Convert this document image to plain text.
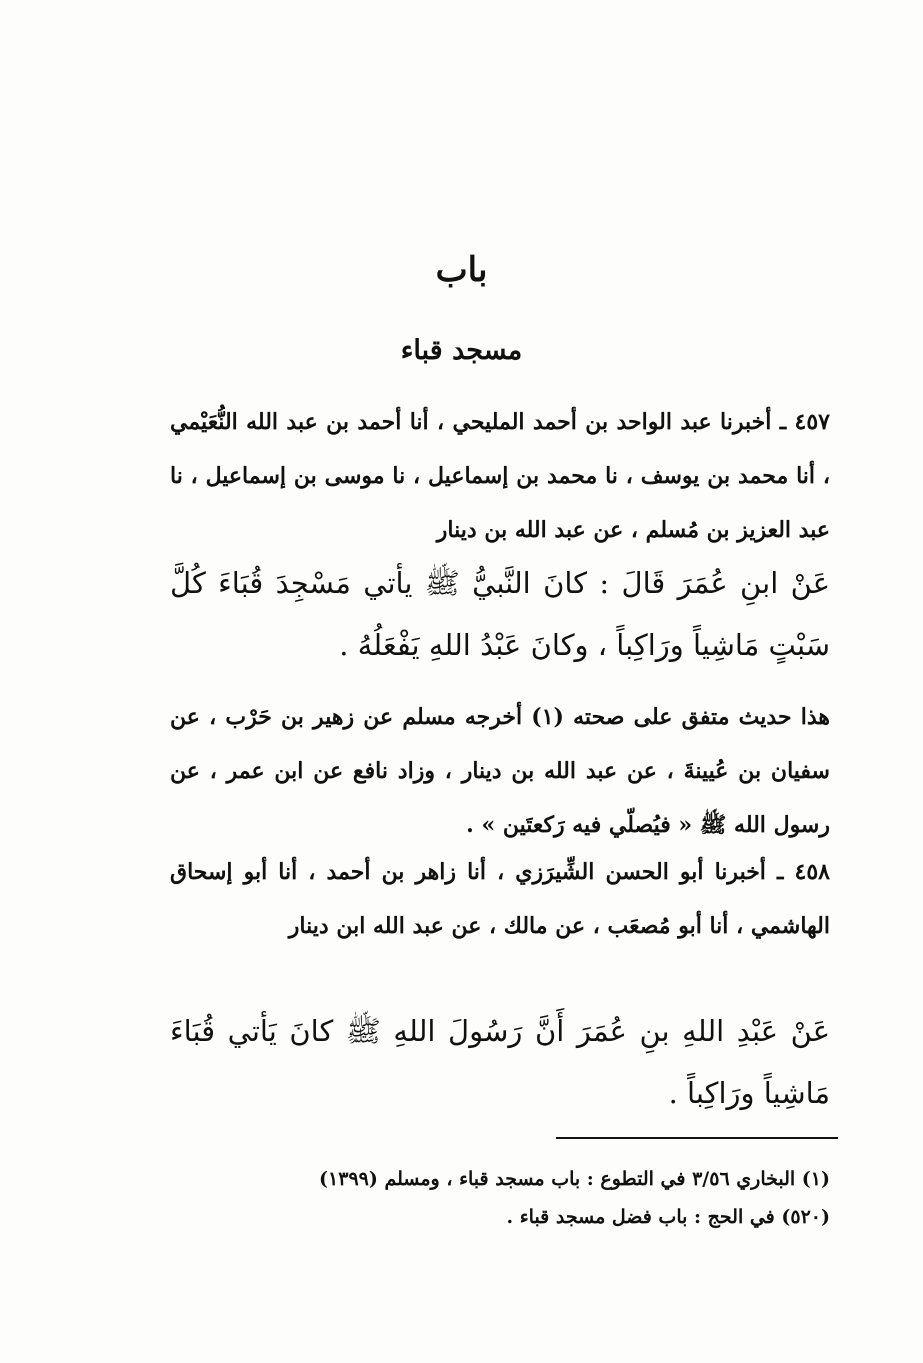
باب
مسجد قباء
٤٥٧ ـ أخبرنا عبد الواحد بن أحمد المليحي ، أنا أحمد بن عبد الله النُّعَيْمي ، أنا محمد بن يوسف ، نا محمد بن إسماعيل ، نا موسى بن إسماعيل ، نا عبد العزيز بن مُسلم ، عن عبد الله بن دينار
عَنْ ابنِ عُمَرَ قَالَ : كانَ النَّبيُّ ﷺ يأتي مَسْجِدَ قُبَاءَ كُلَّ سَبْتٍ مَاشِياً ورَاكِباً ، وكانَ عَبْدُ اللهِ يَفْعَلُهُ .
هذا حديث متفق على صحته (١) أخرجه مسلم عن زهير بن حَرْب ، عن سفيان بن عُيينةَ ، عن عبد الله بن دينار ، وزاد نافع عن ابن عمر ، عن رسول الله ﷺ « فيُصلّي فيه رَكعتَين » .
٤٥٨ ـ أخبرنا أبو الحسن الشِّيرَزي ، أنا زاهر بن أحمد ، أنا أبو إسحاق الهاشمي ، أنا أبو مُصعَب ، عن مالك ، عن عبد الله ابن دينار
عَنْ عَبْدِ اللهِ بنِ عُمَرَ أَنَّ رَسُولَ اللهِ ﷺ كانَ يَأتي قُبَاءَ مَاشِياً ورَاكِباً .
(١) البخاري ٣/٥٦ في التطوع : باب مسجد قباء ، ومسلم (١٣٩٩)
(٥٢٠) في الحج : باب فضل مسجد قباء .
